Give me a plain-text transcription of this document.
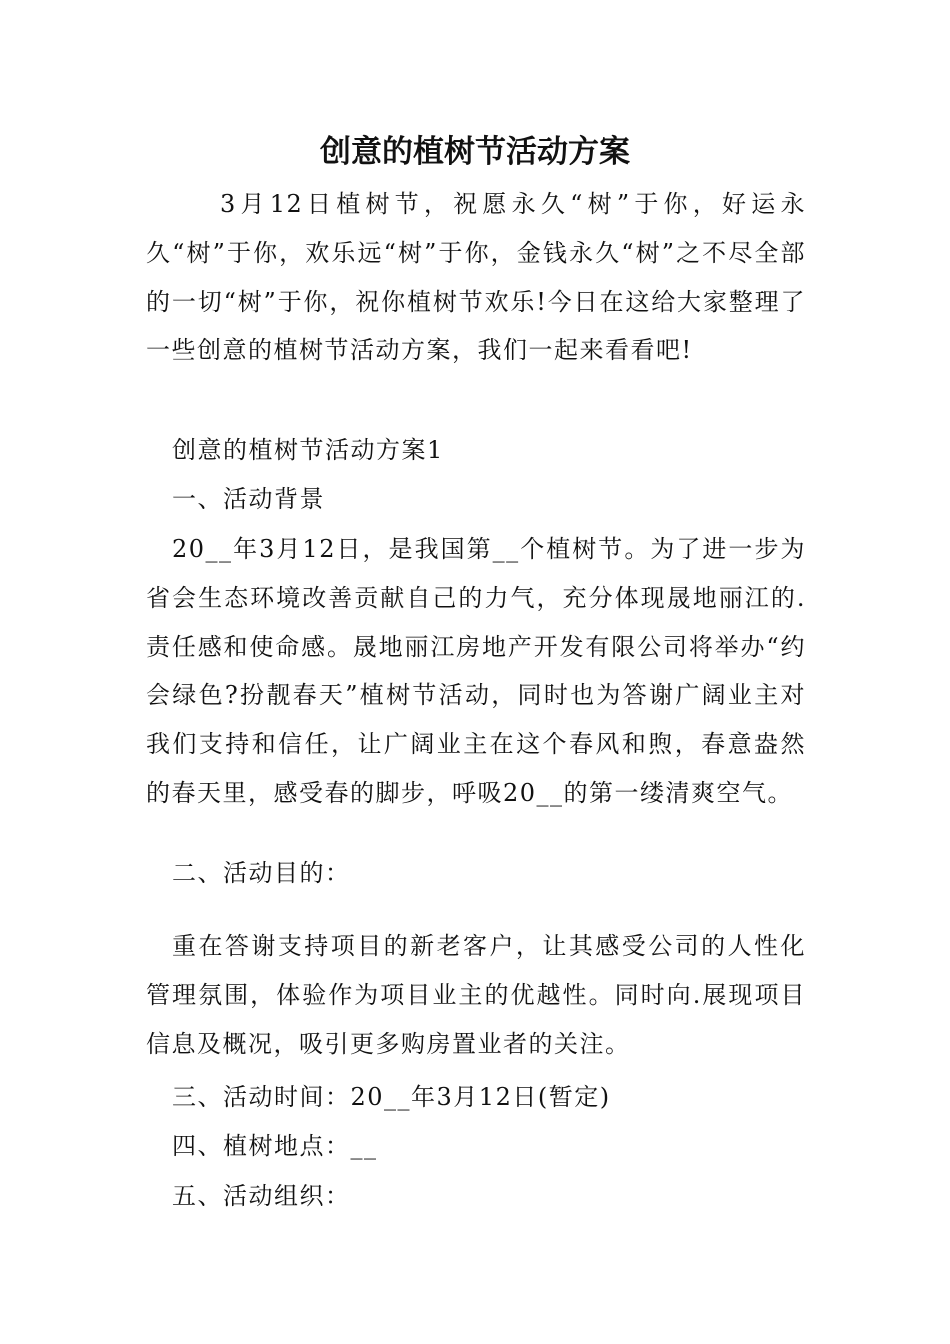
创意的植树节活动方案

3月12日植树节，祝愿永久“树”于你，好运永久“树”于你，欢乐远“树”于你，金钱永久“树”之不尽全部的一切“树”于你，祝你植树节欢乐!今日在这给大家整理了一些创意的植树节活动方案，我们一起来看看吧!

创意的植树节活动方案1

一、活动背景

20__年3月12日，是我国第__个植树节。为了进一步为省会生态环境改善贡献自己的力气，充分体现晟地丽江的.责任感和使命感。晟地丽江房地产开发有限公司将举办“约会绿色?扮靓春天”植树节活动，同时也为答谢广阔业主对我们支持和信任，让广阔业主在这个春风和煦，春意盎然的春天里，感受春的脚步，呼吸20__的第一缕清爽空气。

二、活动目的：

重在答谢支持项目的新老客户，让其感受公司的人性化管理氛围，体验作为项目业主的优越性。同时向.展现项目信息及概况，吸引更多购房置业者的关注。

三、活动时间：20__年3月12日(暂定)

四、植树地点：__

五、活动组织：
